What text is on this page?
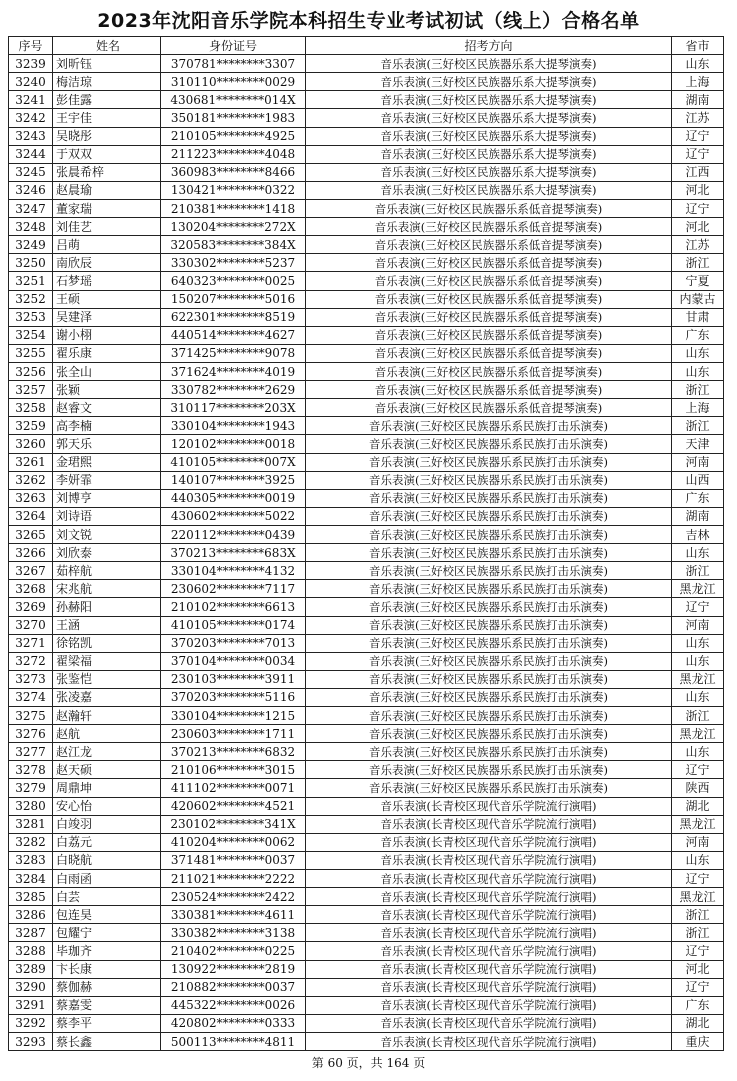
2023年沈阳音乐学院本科招生专业考试初试（线上）合格名单
序号	姓名	身份证号	招考方向	省市
3239	刘昕钰	370781********3307	音乐表演(三好校区民族器乐系大提琴演奏)	山东
3240	梅洁琼	310110********0029	音乐表演(三好校区民族器乐系大提琴演奏)	上海
3241	彭佳露	430681********014X	音乐表演(三好校区民族器乐系大提琴演奏)	湖南
3242	王宇佳	350181********1983	音乐表演(三好校区民族器乐系大提琴演奏)	江苏
3243	吴晓彤	210105********4925	音乐表演(三好校区民族器乐系大提琴演奏)	辽宁
3244	于双双	211223********4048	音乐表演(三好校区民族器乐系大提琴演奏)	辽宁
3245	张晨希梓	360983********8466	音乐表演(三好校区民族器乐系大提琴演奏)	江西
3246	赵晨瑜	130421********0322	音乐表演(三好校区民族器乐系大提琴演奏)	河北
3247	董家瑞	210381********1418	音乐表演(三好校区民族器乐系低音提琴演奏)	辽宁
3248	刘佳艺	130204********272X	音乐表演(三好校区民族器乐系低音提琴演奏)	河北
3249	吕萌	320583********384X	音乐表演(三好校区民族器乐系低音提琴演奏)	江苏
3250	南欣辰	330302********5237	音乐表演(三好校区民族器乐系低音提琴演奏)	浙江
3251	石梦瑶	640323********0025	音乐表演(三好校区民族器乐系低音提琴演奏)	宁夏
3252	王硕	150207********5016	音乐表演(三好校区民族器乐系低音提琴演奏)	内蒙古
3253	吴建泽	622301********8519	音乐表演(三好校区民族器乐系低音提琴演奏)	甘肃
3254	谢小栩	440514********4627	音乐表演(三好校区民族器乐系低音提琴演奏)	广东
3255	翟乐康	371425********9078	音乐表演(三好校区民族器乐系低音提琴演奏)	山东
3256	张全山	371624********4019	音乐表演(三好校区民族器乐系低音提琴演奏)	山东
3257	张颖	330782********2629	音乐表演(三好校区民族器乐系低音提琴演奏)	浙江
3258	赵睿文	310117********203X	音乐表演(三好校区民族器乐系低音提琴演奏)	上海
3259	高李楠	330104********1943	音乐表演(三好校区民族器乐系民族打击乐演奏)	浙江
3260	郭天乐	120102********0018	音乐表演(三好校区民族器乐系民族打击乐演奏)	天津
3261	金珺熙	410105********007X	音乐表演(三好校区民族器乐系民族打击乐演奏)	河南
3262	李妍霏	140107********3925	音乐表演(三好校区民族器乐系民族打击乐演奏)	山西
3263	刘博亨	440305********0019	音乐表演(三好校区民族器乐系民族打击乐演奏)	广东
3264	刘诗语	430602********5022	音乐表演(三好校区民族器乐系民族打击乐演奏)	湖南
3265	刘文锐	220112********0439	音乐表演(三好校区民族器乐系民族打击乐演奏)	吉林
3266	刘欣泰	370213********683X	音乐表演(三好校区民族器乐系民族打击乐演奏)	山东
3267	茹梓航	330104********4132	音乐表演(三好校区民族器乐系民族打击乐演奏)	浙江
3268	宋兆航	230602********7117	音乐表演(三好校区民族器乐系民族打击乐演奏)	黑龙江
3269	孙赫阳	210102********6613	音乐表演(三好校区民族器乐系民族打击乐演奏)	辽宁
3270	王涵	410105********0174	音乐表演(三好校区民族器乐系民族打击乐演奏)	河南
3271	徐铭凯	370203********7013	音乐表演(三好校区民族器乐系民族打击乐演奏)	山东
3272	翟梁福	370104********0034	音乐表演(三好校区民族器乐系民族打击乐演奏)	山东
3273	张鉴恺	230103********3911	音乐表演(三好校区民族器乐系民族打击乐演奏)	黑龙江
3274	张凌嘉	370203********5116	音乐表演(三好校区民族器乐系民族打击乐演奏)	山东
3275	赵瀚轩	330104********1215	音乐表演(三好校区民族器乐系民族打击乐演奏)	浙江
3276	赵航	230603********1711	音乐表演(三好校区民族器乐系民族打击乐演奏)	黑龙江
3277	赵江龙	370213********6832	音乐表演(三好校区民族器乐系民族打击乐演奏)	山东
3278	赵天硕	210106********3015	音乐表演(三好校区民族器乐系民族打击乐演奏)	辽宁
3279	周鼎坤	411102********0071	音乐表演(三好校区民族器乐系民族打击乐演奏)	陕西
3280	安心怡	420602********4521	音乐表演(长青校区现代音乐学院流行演唱)	湖北
3281	白竣羽	230102********341X	音乐表演(长青校区现代音乐学院流行演唱)	黑龙江
3282	白荔元	410204********0062	音乐表演(长青校区现代音乐学院流行演唱)	河南
3283	白晓航	371481********0037	音乐表演(长青校区现代音乐学院流行演唱)	山东
3284	白雨函	211021********2222	音乐表演(长青校区现代音乐学院流行演唱)	辽宁
3285	白芸	230524********2422	音乐表演(长青校区现代音乐学院流行演唱)	黑龙江
3286	包连昊	330381********4611	音乐表演(长青校区现代音乐学院流行演唱)	浙江
3287	包耀宁	330382********3138	音乐表演(长青校区现代音乐学院流行演唱)	浙江
3288	毕珈齐	210402********0225	音乐表演(长青校区现代音乐学院流行演唱)	辽宁
3289	卞长康	130922********2819	音乐表演(长青校区现代音乐学院流行演唱)	河北
3290	蔡伽赫	210882********0037	音乐表演(长青校区现代音乐学院流行演唱)	辽宁
3291	蔡嘉雯	445322********0026	音乐表演(长青校区现代音乐学院流行演唱)	广东
3292	蔡李平	420802********0333	音乐表演(长青校区现代音乐学院流行演唱)	湖北
3293	蔡长鑫	500113********4811	音乐表演(长青校区现代音乐学院流行演唱)	重庆
第 60 页，共 164 页
